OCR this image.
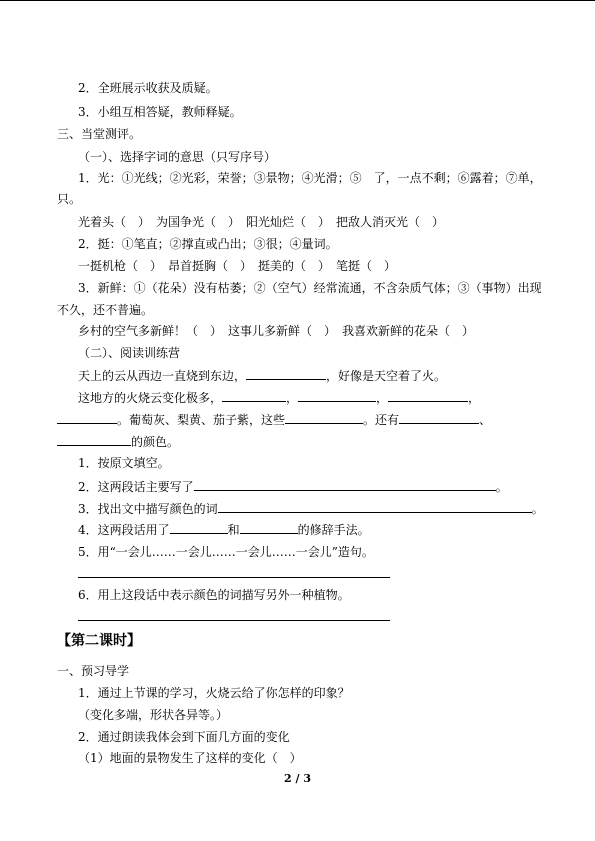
2．全班展示收获及质疑。
3．小组互相答疑，教师释疑。
三、当堂测评。
（一）、选择字词的意思（只写序号）
1．光：①光线；②光彩，荣誉；③景物；④光滑；⑤　了，一点不剩；⑥露着；⑦单，
只。
光着头（　）　为国争光（　）　阳光灿烂（　）　把敌人消灭光（　）
2．挺：①笔直；②撑直或凸出；③很；④量词。
一挺机枪（　）　昂首挺胸（　）　挺美的（　）　笔挺（　）
3．新鲜：①（花朵）没有枯萎；②（空气）经常流通，不含杂质气体；③（事物）出现
不久，还不普遍。
乡村的空气多新鲜！（　）　这事儿多新鲜（　）　我喜欢新鲜的花朵（　）
（二）、阅读训练营
天上的云从西边一直烧到东边，	，好像是天空着了火。
这地方的火烧云变化极多，	，	，	，
。葡萄灰、梨黄、茄子紫，这些	。还有	、
的颜色。
1．按原文填空。
2．这两段话主要写了	。
3．找出文中描写颜色的词	。
4．这两段话用了	和	的修辞手法。
5．用“一会儿……一会儿……一会儿……一会儿”造句。
6．用上这段话中表示颜色的词描写另外一种植物。
【第二课时】
一、预习导学
1．通过上节课的学习，火烧云给了你怎样的印象？
（变化多端，形状各异等。）
2．通过朗读我体会到下面几方面的变化
（1）地面的景物发生了这样的变化（　）
2 / 3
